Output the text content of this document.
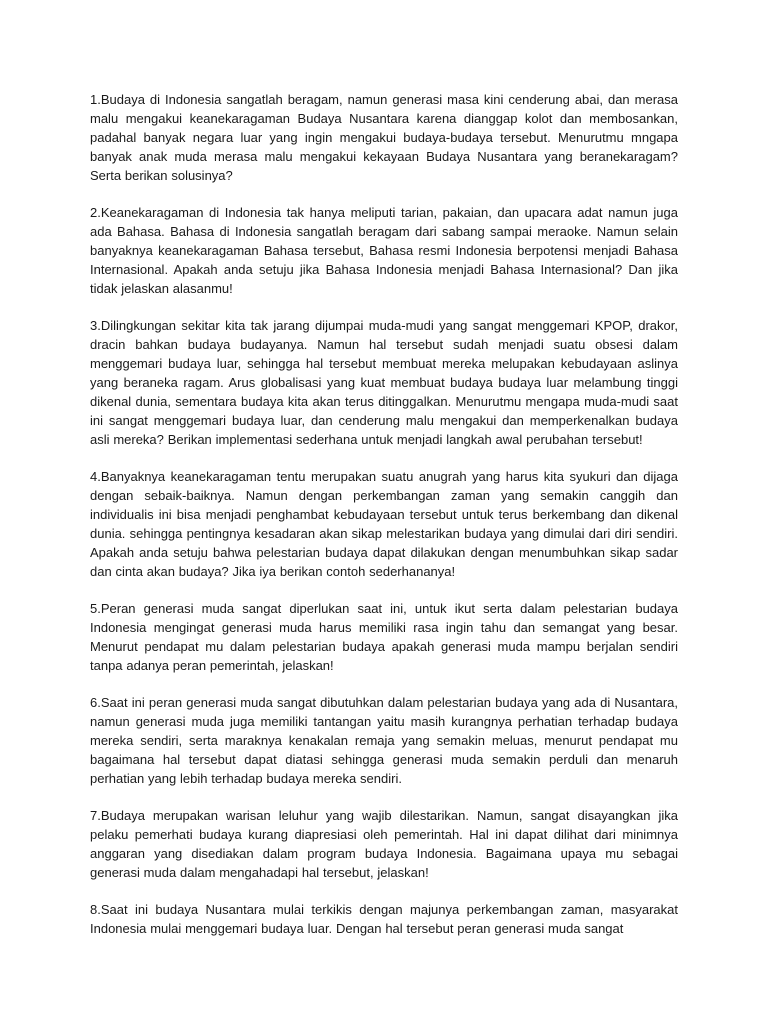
1.Budaya di Indonesia sangatlah beragam, namun generasi masa kini cenderung abai, dan merasa malu mengakui keanekaragaman Budaya Nusantara karena dianggap kolot dan membosankan, padahal banyak negara luar yang ingin mengakui budaya-budaya tersebut. Menurutmu mngapa banyak anak muda merasa malu mengakui kekayaan Budaya Nusantara yang beranekaragam? Serta berikan solusinya?

2.Keanekaragaman di Indonesia tak hanya meliputi tarian, pakaian, dan upacara adat namun juga ada Bahasa. Bahasa di Indonesia sangatlah beragam dari sabang sampai meraoke. Namun selain banyaknya keanekaragaman Bahasa tersebut, Bahasa resmi Indonesia berpotensi menjadi Bahasa Internasional. Apakah anda setuju jika Bahasa Indonesia menjadi Bahasa Internasional? Dan jika tidak jelaskan alasanmu!

3.Dilingkungan sekitar kita tak jarang dijumpai muda-mudi yang sangat menggemari KPOP, drakor, dracin bahkan budaya budayanya. Namun hal tersebut sudah menjadi suatu obsesi dalam menggemari budaya luar, sehingga hal tersebut membuat mereka melupakan kebudayaan aslinya yang beraneka ragam. Arus globalisasi yang kuat membuat budaya budaya luar melambung tinggi dikenal dunia, sementara budaya kita akan terus ditinggalkan. Menurutmu mengapa muda-mudi saat ini sangat menggemari budaya luar, dan cenderung malu mengakui dan memperkenalkan budaya asli mereka? Berikan implementasi sederhana untuk menjadi langkah awal perubahan tersebut!

4.Banyaknya keanekaragaman tentu merupakan suatu anugrah yang harus kita syukuri dan dijaga dengan sebaik-baiknya. Namun dengan perkembangan zaman yang semakin canggih dan individualis ini bisa menjadi penghambat kebudayaan tersebut untuk terus berkembang dan dikenal dunia. sehingga pentingnya kesadaran akan sikap melestarikan budaya yang dimulai dari diri sendiri. Apakah anda setuju bahwa pelestarian budaya dapat dilakukan dengan menumbuhkan sikap sadar dan cinta akan budaya? Jika iya berikan contoh sederhananya!

5.Peran generasi muda sangat diperlukan saat ini, untuk ikut serta dalam pelestarian budaya Indonesia mengingat generasi muda harus memiliki rasa ingin tahu dan semangat yang besar. Menurut pendapat mu dalam pelestarian budaya apakah generasi muda mampu berjalan sendiri tanpa adanya peran pemerintah, jelaskan!

6.Saat ini peran generasi muda sangat dibutuhkan dalam pelestarian budaya yang ada di Nusantara, namun generasi muda juga memiliki tantangan yaitu masih kurangnya perhatian terhadap budaya mereka sendiri, serta maraknya kenakalan remaja yang semakin meluas, menurut pendapat mu bagaimana hal tersebut dapat diatasi sehingga generasi muda semakin perduli dan menaruh perhatian yang lebih terhadap budaya mereka sendiri.

7.Budaya merupakan warisan leluhur yang wajib dilestarikan. Namun, sangat disayangkan jika pelaku pemerhati budaya kurang diapresiasi oleh pemerintah. Hal ini dapat dilihat dari minimnya anggaran yang disediakan dalam program budaya Indonesia. Bagaimana upaya mu sebagai generasi muda dalam mengahadapi hal tersebut, jelaskan!

8.Saat ini budaya Nusantara mulai terkikis dengan majunya perkembangan zaman, masyarakat Indonesia mulai menggemari budaya luar. Dengan hal tersebut peran generasi muda sangat
